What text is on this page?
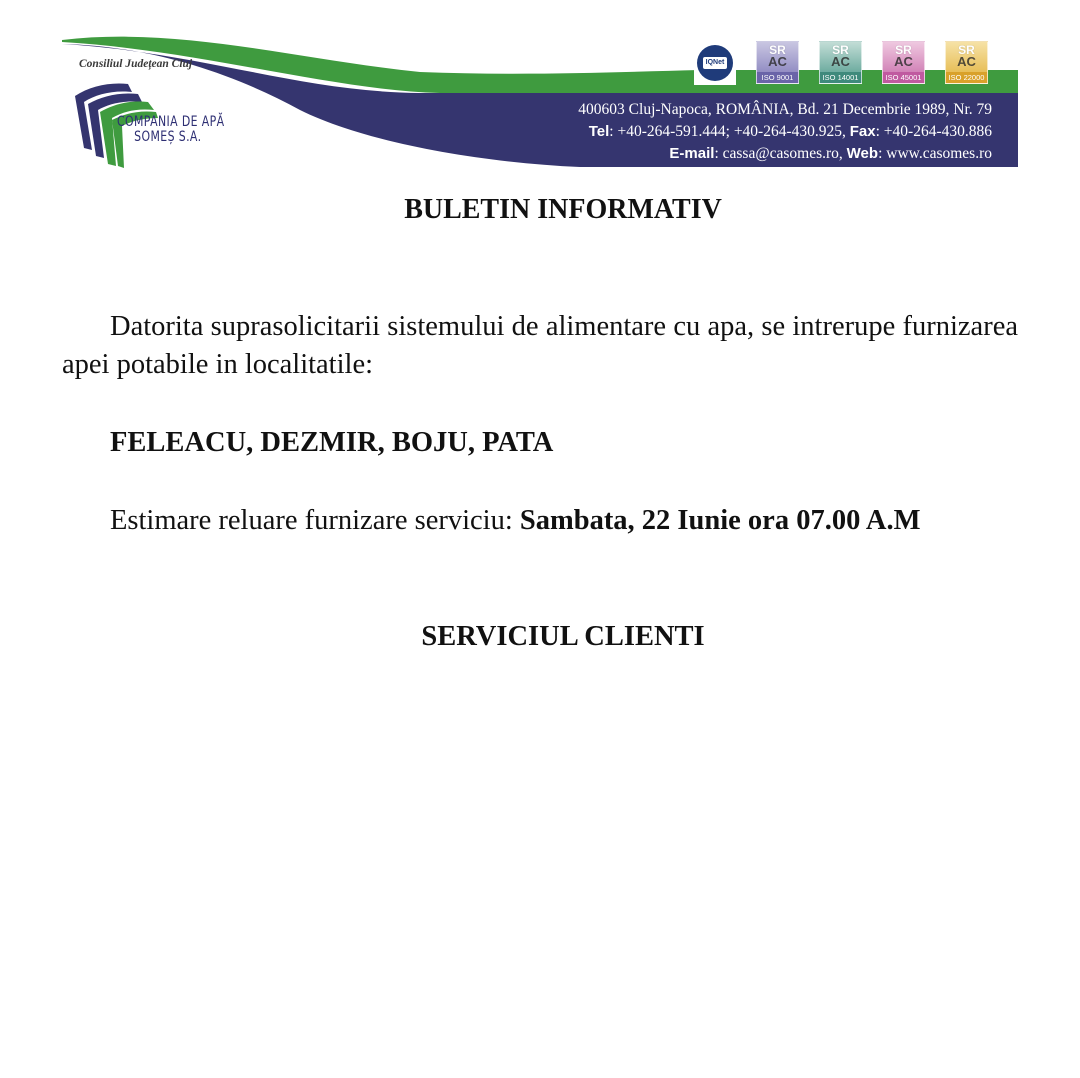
Consiliul Județean Cluj
COMPANIA DE APĂ
SOMEȘ S.A.
IQNet
SR
AC
ISO 9001
SR
AC
ISO 14001
SR
AC
ISO 45001
SR
AC
ISO 22000
400603 Cluj-Napoca, ROMÂNIA, Bd. 21 Decembrie 1989, Nr. 79
Tel: +40-264-591.444; +40-264-430.925, Fax: +40-264-430.886
E-mail: cassa@casomes.ro, Web: www.casomes.ro
BULETIN INFORMATIV
Datorita suprasolicitarii sistemului de alimentare cu apa, se intrerupe furnizarea apei potabile in localitatile:
FELEACU, DEZMIR, BOJU, PATA
Estimare reluare furnizare serviciu: Sambata, 22 Iunie ora 07.00 A.M
SERVICIUL CLIENTI
